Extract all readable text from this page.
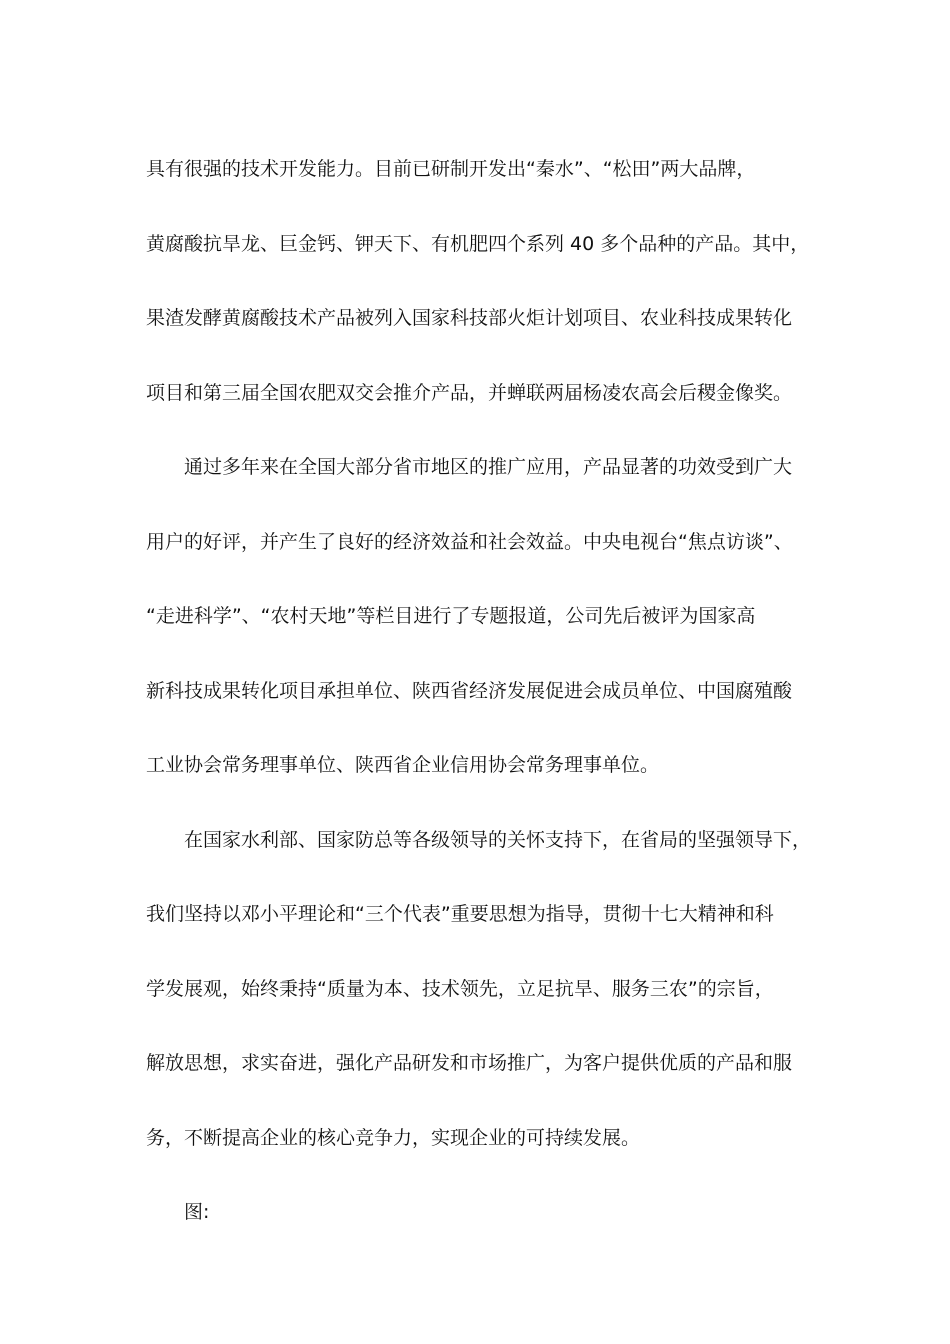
具有很强的技术开发能力。目前已研制开发出“秦水”、“松田”两大品牌，
黄腐酸抗旱龙、巨金钙、钾天下、有机肥四个系列 40 多个品种的产品。其中，
果渣发酵黄腐酸技术产品被列入国家科技部火炬计划项目、农业科技成果转化
项目和第三届全国农肥双交会推介产品，并蝉联两届杨凌农高会后稷金像奖。

通过多年来在全国大部分省市地区的推广应用，产品显著的功效受到广大
用户的好评，并产生了良好的经济效益和社会效益。中央电视台“焦点访谈”、
“走进科学”、“农村天地”等栏目进行了专题报道，公司先后被评为国家高
新科技成果转化项目承担单位、陕西省经济发展促进会成员单位、中国腐殖酸
工业协会常务理事单位、陕西省企业信用协会常务理事单位。

在国家水利部、国家防总等各级领导的关怀支持下，在省局的坚强领导下，
我们坚持以邓小平理论和“三个代表”重要思想为指导，贯彻十七大精神和科
学发展观，始终秉持“质量为本、技术领先，立足抗旱、服务三农”的宗旨，
解放思想，求实奋进，强化产品研发和市场推广，为客户提供优质的产品和服
务，不断提高企业的核心竞争力，实现企业的可持续发展。

图:
